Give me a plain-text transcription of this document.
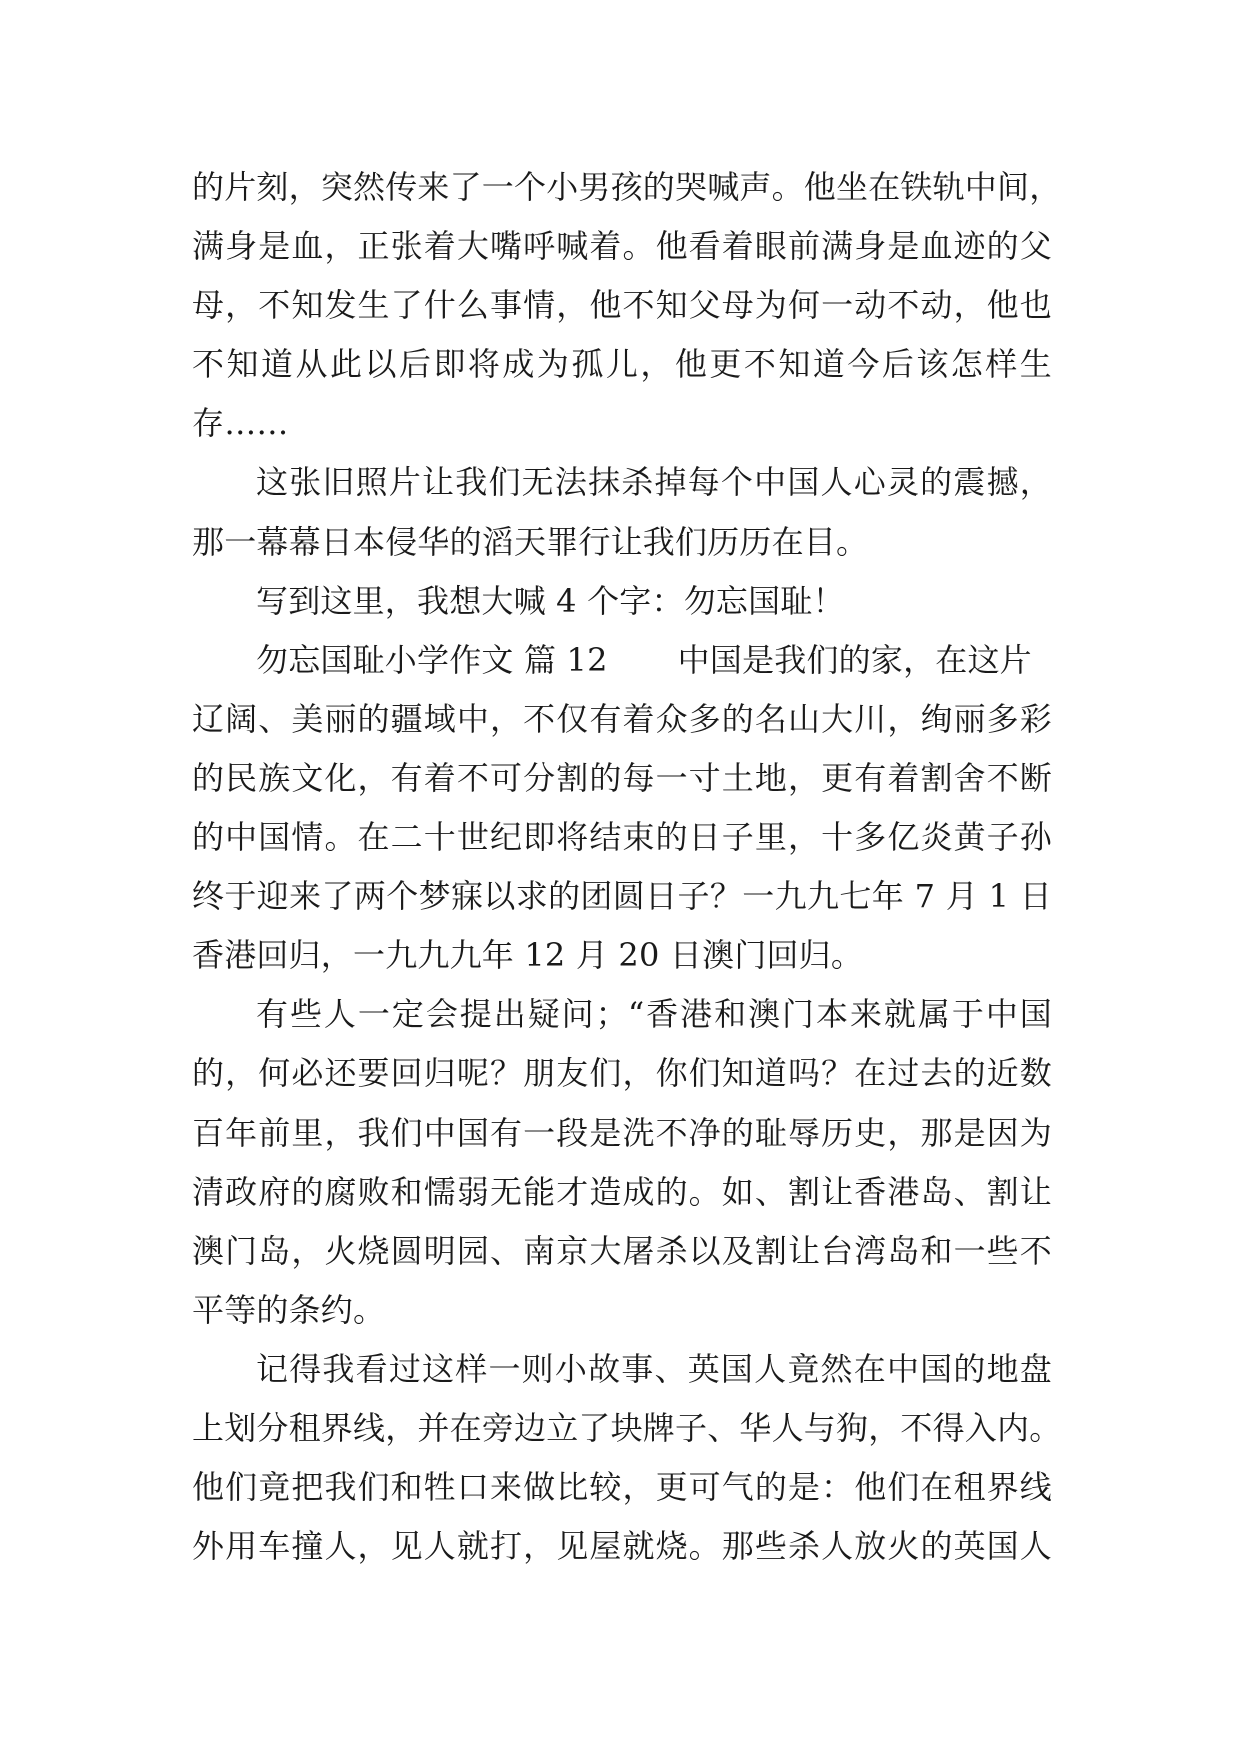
的片刻，突然传来了一个小男孩的哭喊声。他坐在铁轨中间，
满身是血，正张着大嘴呼喊着。他看着眼前满身是血迹的父
母，不知发生了什么事情，他不知父母为何一动不动，他也
不知道从此以后即将成为孤儿，他更不知道今后该怎样生
存……
这张旧照片让我们无法抹杀掉每个中国人心灵的震撼，
那一幕幕日本侵华的滔天罪行让我们历历在目。
写到这里，我想大喊 4 个字：勿忘国耻！
勿忘国耻小学作文 篇 12 中国是我们的家，在这片
辽阔、美丽的疆域中，不仅有着众多的名山大川，绚丽多彩
的民族文化，有着不可分割的每一寸土地，更有着割舍不断
的中国情。在二十世纪即将结束的日子里，十多亿炎黄子孙
终于迎来了两个梦寐以求的团圆日子？一九九七年 7 月 1 日
香港回归，一九九九年 12 月 20 日澳门回归。
有些人一定会提出疑问；“香港和澳门本来就属于中国
的，何必还要回归呢？朋友们，你们知道吗？在过去的近数
百年前里，我们中国有一段是洗不净的耻辱历史，那是因为
清政府的腐败和懦弱无能才造成的。如、割让香港岛、割让
澳门岛，火烧圆明园、南京大屠杀以及割让台湾岛和一些不
平等的条约。
记得我看过这样一则小故事、英国人竟然在中国的地盘
上划分租界线，并在旁边立了块牌子、华人与狗，不得入内。
他们竟把我们和牲口来做比较，更可气的是：他们在租界线
外用车撞人，见人就打，见屋就烧。那些杀人放火的英国人
